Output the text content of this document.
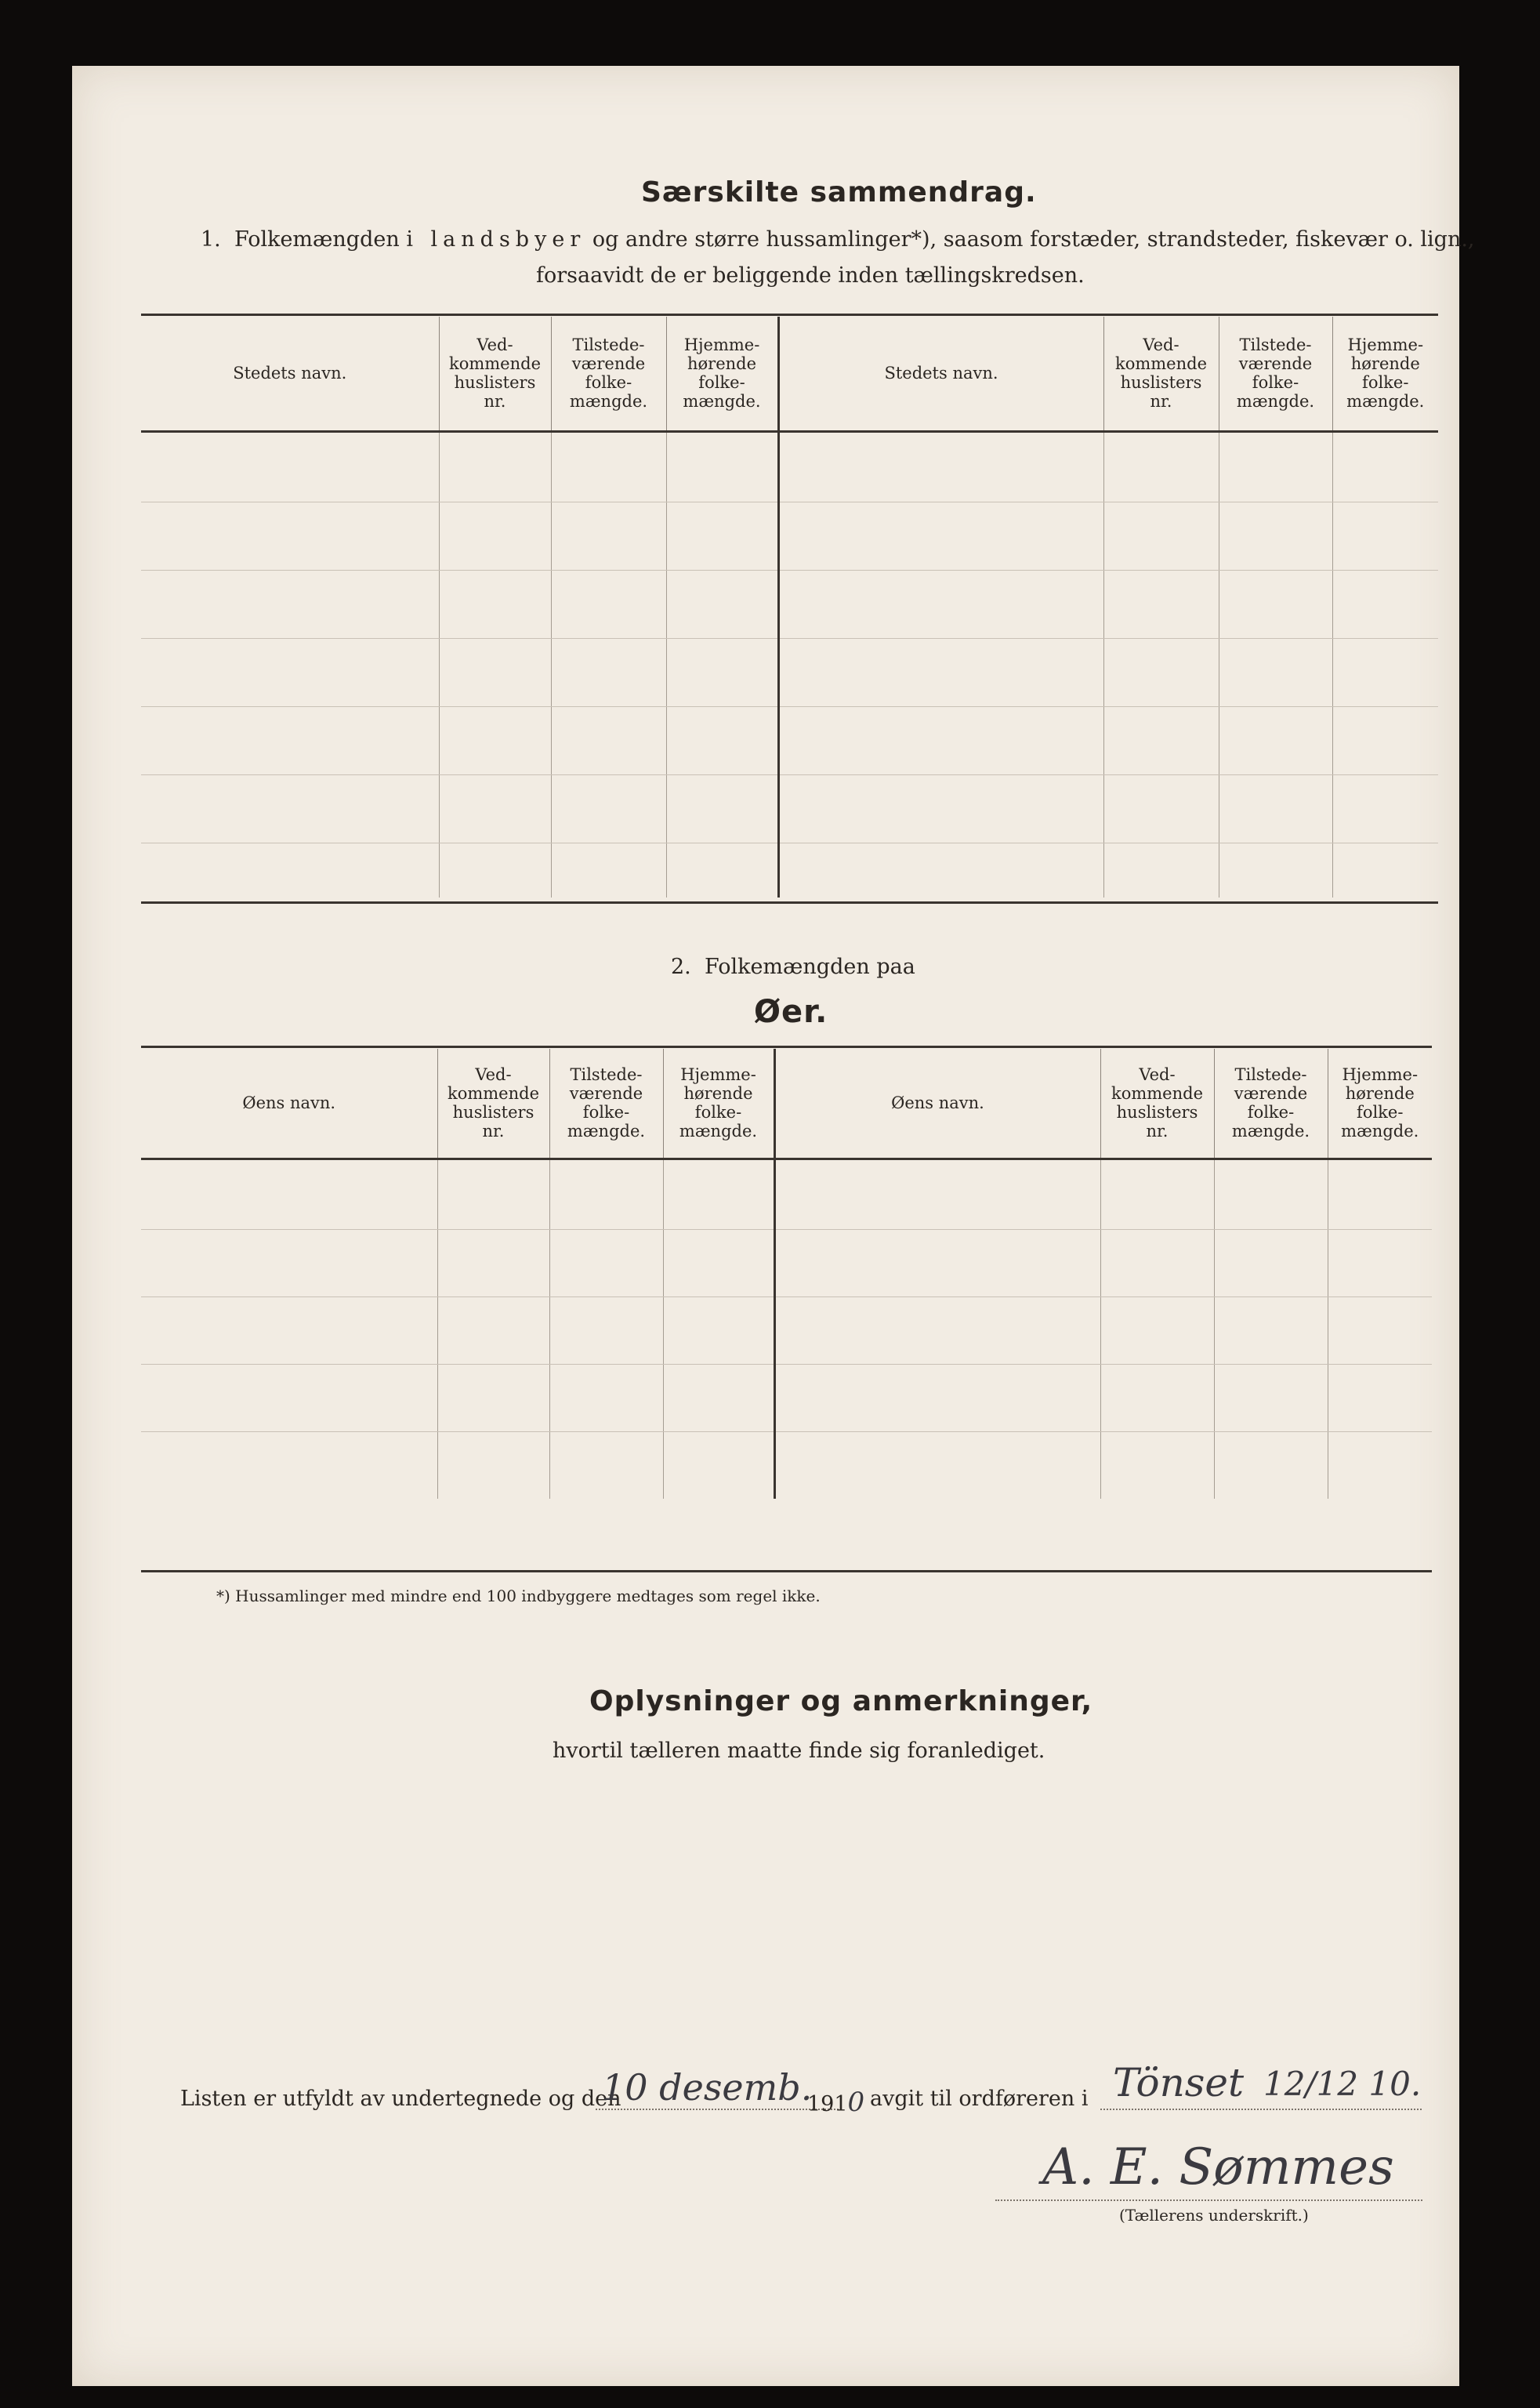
Særskilte sammendrag.
1. Folkemængden i landsbyer og andre større hussamlinger*), saasom forstæder, strandsteder, fiskevær o. lign.,
forsaavidt de er beliggende inden tællingskredsen.
Stedets navn.	Ved-
kommende
huslisters
nr.	Tilstede-
værende
folke-
mængde.	Hjemme-
hørende
folke-
mængde.	Stedets navn.	Ved-
kommende
huslisters
nr.	Tilstede-
værende
folke-
mængde.	Hjemme-
hørende
folke-
mængde.

2. Folkemængden paa
Øer.
Øens navn.	Ved-
kommende
huslisters
nr.	Tilstede-
værende
folke-
mængde.	Hjemme-
hørende
folke-
mængde.	Øens navn.	Ved-
kommende
huslisters
nr.	Tilstede-
værende
folke-
mængde.	Hjemme-
hørende
folke-
mængde.

*) Hussamlinger med mindre end 100 indbyggere medtages som regel ikke.
Oplysninger og anmerkninger,
hvortil tælleren maatte finde sig foranlediget.
Listen er utfyldt av undertegnede og den
10 desemb.
1910 avgit til ordføreren i Tönset 12/12 10.
A. E. Sømmes
(Tællerens underskrift.)
